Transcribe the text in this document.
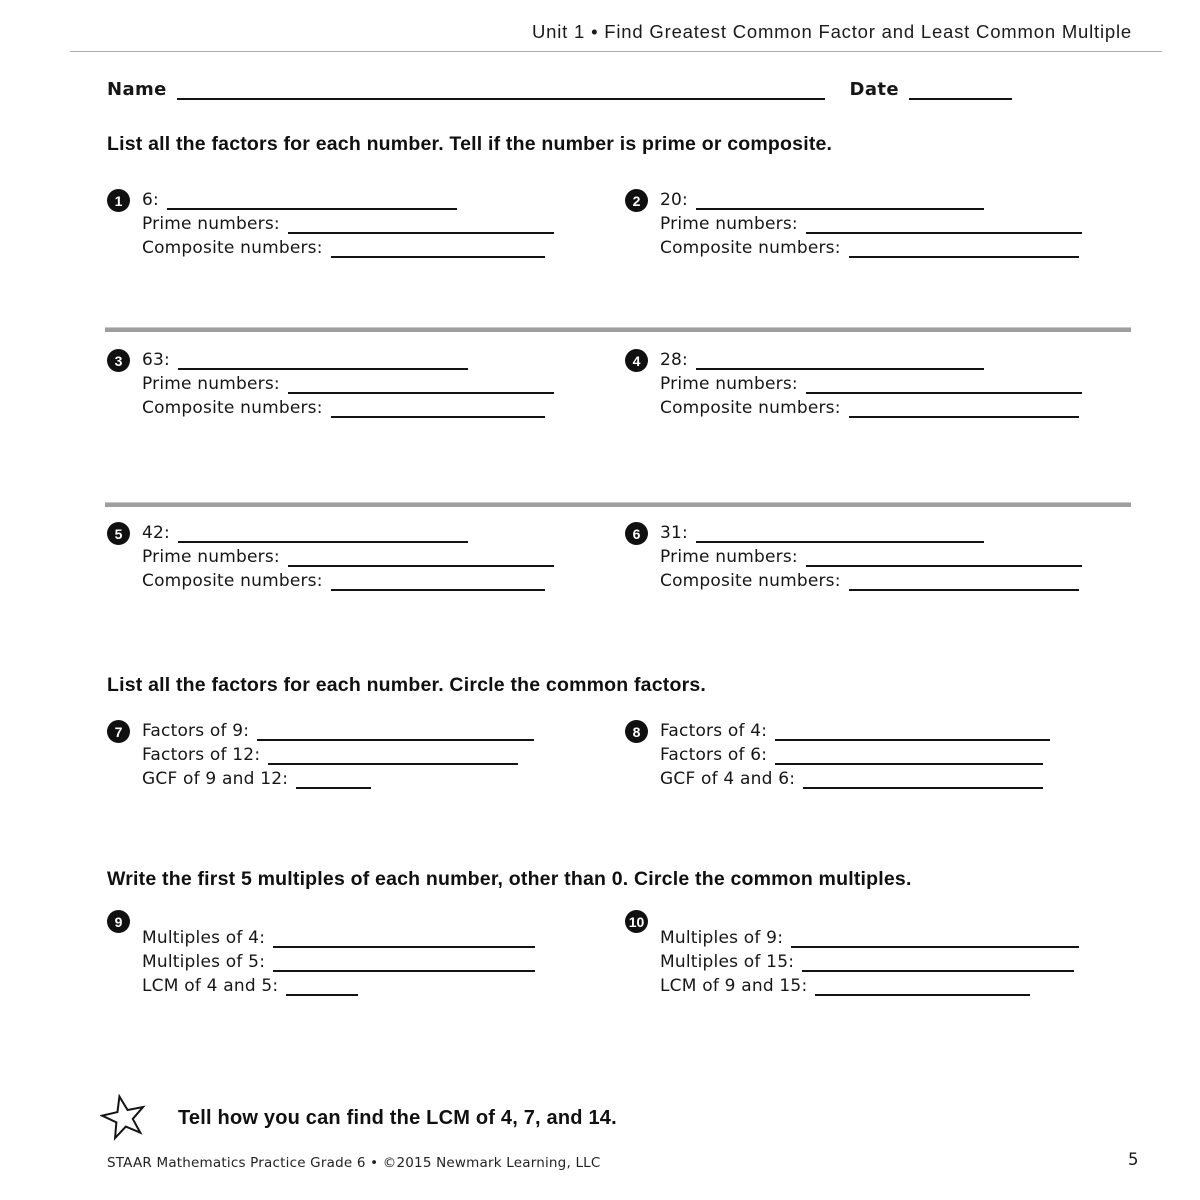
Unit 1 • Find Greatest Common Factor and Least Common Multiple
Name	Date
List all the factors for each number. Tell if the number is prime or composite.
1	6:
Prime numbers:
Composite numbers:
2	20:
Prime numbers:
Composite numbers:
3	63:
Prime numbers:
Composite numbers:
4	28:
Prime numbers:
Composite numbers:
5	42:
Prime numbers:
Composite numbers:
6	31:
Prime numbers:
Composite numbers:
List all the factors for each number. Circle the common factors.
7	Factors of 9:
Factors of 12:
GCF of 9 and 12:
8	Factors of 4:
Factors of 6:
GCF of 4 and 6:
Write the first 5 multiples of each number, other than 0. Circle the common multiples.
9
Multiples of 4:
Multiples of 5:
LCM of 4 and 5:
10
Multiples of 9:
Multiples of 15:
LCM of 9 and 15:
Tell how you can find the LCM of 4, 7, and 14.
STAAR Mathematics Practice Grade 6 • ©2015 Newmark Learning, LLC	5
